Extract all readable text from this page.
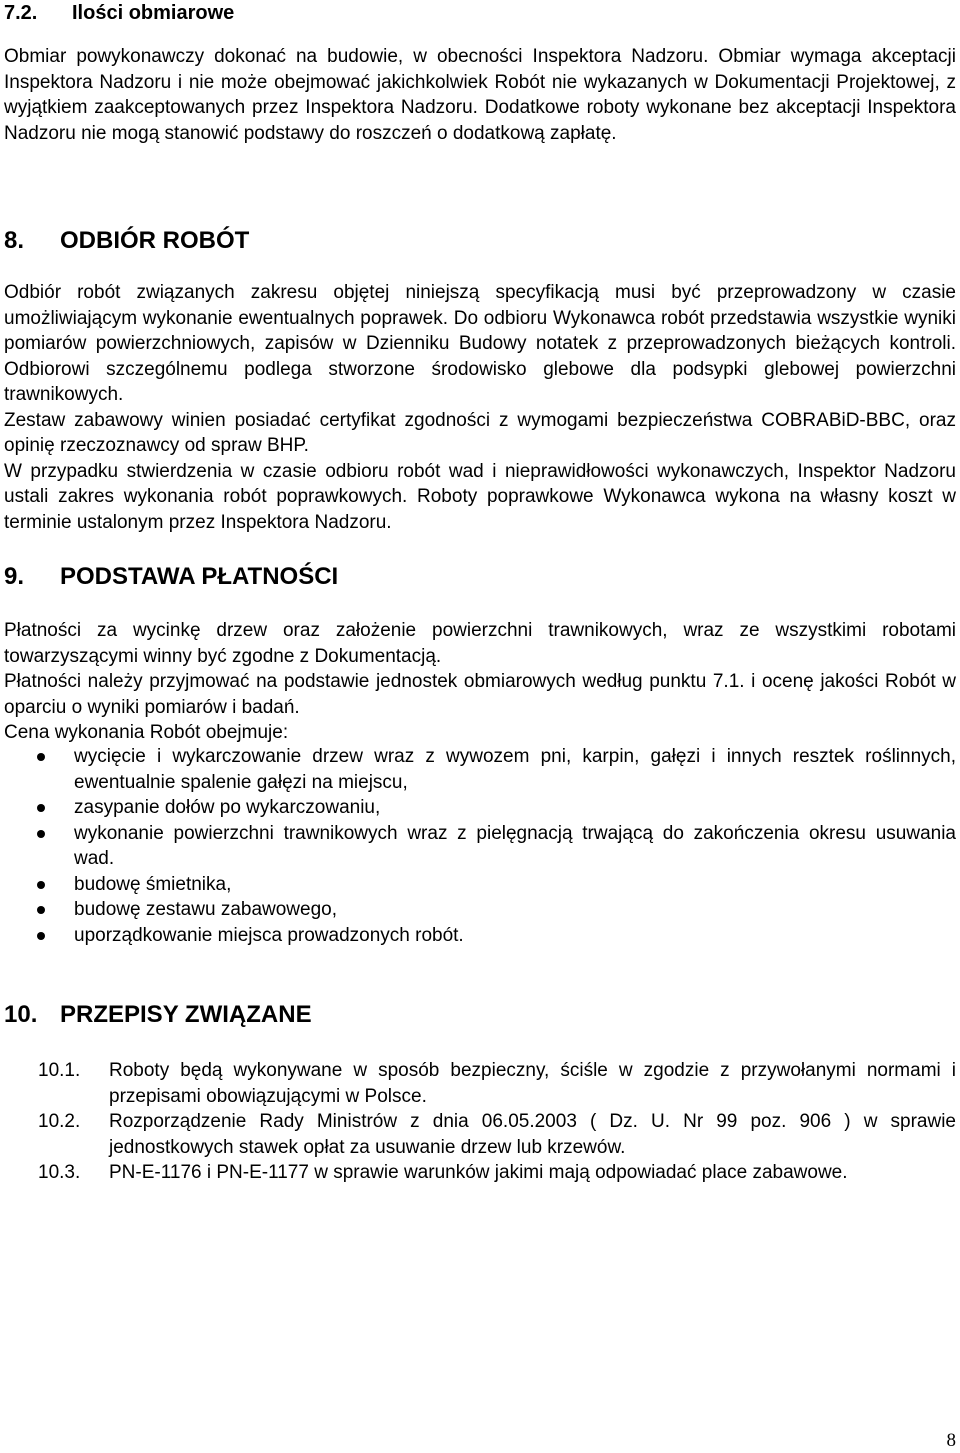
7.2. Ilości obmiarowe

Obmiar powykonawczy dokonać na budowie, w obecności Inspektora Nadzoru. Obmiar wymaga akceptacji Inspektora Nadzoru i nie może obejmować jakichkolwiek Robót nie wykazanych w Dokumentacji Projektowej, z wyjątkiem zaakceptowanych przez Inspektora Nadzoru. Dodatkowe roboty wykonane bez akceptacji Inspektora Nadzoru nie mogą stanowić podstawy do roszczeń o dodatkową zapłatę.

8. ODBIÓR ROBÓT

Odbiór robót związanych zakresu objętej niniejszą specyfikacją musi być przeprowadzony w czasie umożliwiającym wykonanie ewentualnych poprawek. Do odbioru Wykonawca robót przedstawia wszystkie wyniki pomiarów powierzchniowych, zapisów w Dzienniku Budowy notatek z przeprowadzonych bieżących kontroli. Odbiorowi szczególnemu podlega stworzone środowisko glebowe dla podsypki glebowej powierzchni trawnikowych.

Zestaw zabawowy winien posiadać certyfikat zgodności z wymogami bezpieczeństwa COBRABiD-BBC, oraz opinię rzeczoznawcy od spraw BHP.

W przypadku stwierdzenia w czasie odbioru robót wad i nieprawidłowości wykonawczych, Inspektor Nadzoru ustali zakres wykonania robót poprawkowych. Roboty poprawkowe Wykonawca wykona na własny koszt w terminie ustalonym przez Inspektora Nadzoru.

9. PODSTAWA PŁATNOŚCI

Płatności za wycinkę drzew oraz założenie powierzchni trawnikowych, wraz ze wszystkimi robotami towarzyszącymi winny być zgodne z Dokumentacją.

Płatności należy przyjmować na podstawie jednostek obmiarowych według punktu 7.1. i ocenę jakości Robót w oparciu o wyniki pomiarów i badań.

Cena wykonania Robót obejmuje:

wycięcie i wykarczowanie drzew wraz z wywozem pni, karpin, gałęzi i innych resztek roślinnych, ewentualnie spalenie gałęzi na miejscu,
zasypanie dołów po wykarczowaniu,
wykonanie powierzchni trawnikowych wraz z pielęgnacją trwającą do zakończenia okresu usuwania wad.
budowę śmietnika,
budowę zestawu zabawowego,
uporządkowanie miejsca prowadzonych robót.
10. PRZEPISY ZWIĄZANE
10.1. Roboty będą wykonywane w sposób bezpieczny, ściśle w zgodzie z przywołanymi normami i przepisami obowiązującymi w Polsce.
10.2. Rozporządzenie Rady Ministrów z dnia 06.05.2003 ( Dz. U. Nr 99 poz. 906 ) w sprawie jednostkowych stawek opłat za usuwanie drzew lub krzewów.
10.3. PN-E-1176 i PN-E-1177 w sprawie warunków jakimi mają odpowiadać place zabawowe.
8
